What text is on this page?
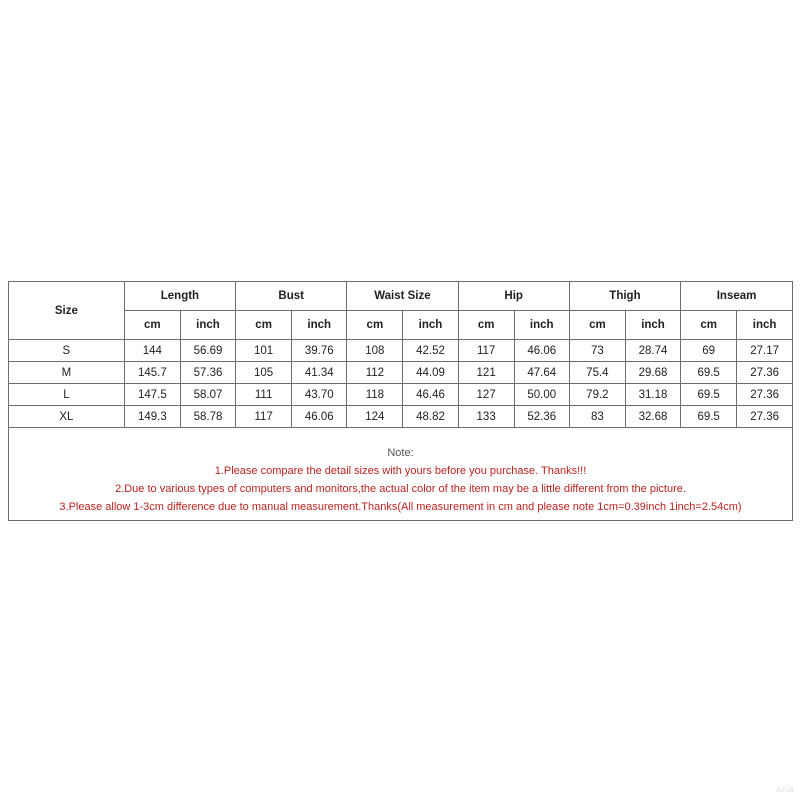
Size	Length		Bust		Waist Size		Hip		Thigh		Inseam	
	cm	inch	cm	inch	cm	inch	cm	inch	cm	inch	cm	inch
S	144	56.69	101	39.76	108	42.52	117	46.06	73	28.74	69	27.17
M	145.7	57.36	105	41.34	112	44.09	121	47.64	75.4	29.68	69.5	27.36
L	147.5	58.07	111	43.70	118	46.46	127	50.00	79.2	31.18	69.5	27.36
XL	149.3	58.78	117	46.06	124	48.82	133	52.36	83	32.68	69.5	27.36
Note:
1.Please compare the detail sizes with yours before you purchase. Thanks!!!
2.Due to various types of computers and monitors,the actual color of the item may be a little different from the picture.
3.Please allow 1-3cm difference due to manual measurement.Thanks(All measurement in cm and please note 1cm=0.39inch 1inch=2.54cm)
A2UB
